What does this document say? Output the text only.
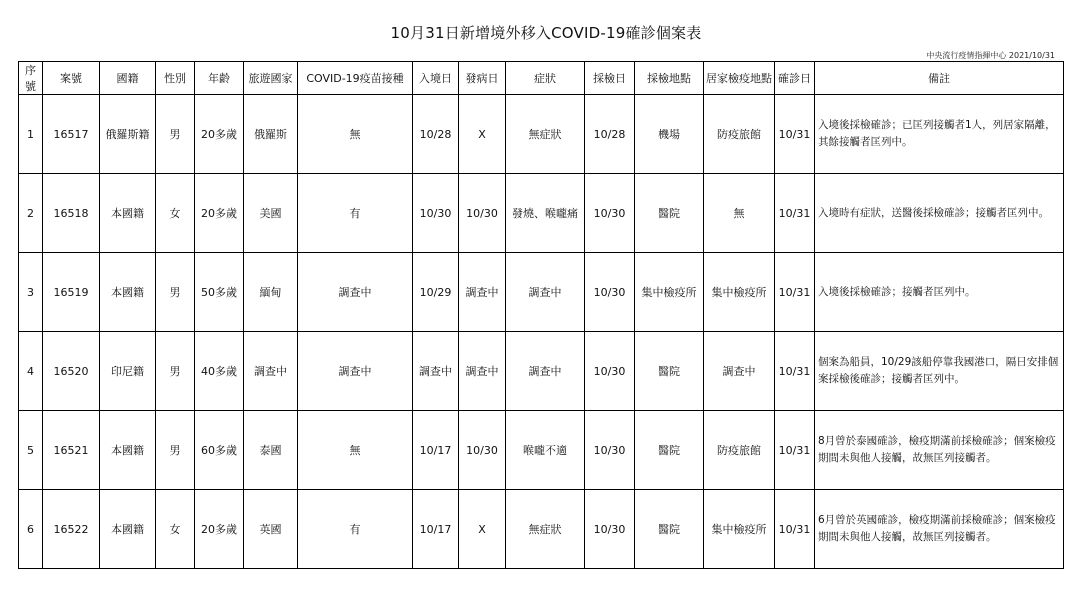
10月31日新增境外移入COVID-19確診個案表
中央流行疫情指揮中心 2021/10/31
序號	案號	國籍	性別	年齡	旅遊國家	COVID-19疫苗接種	入境日	發病日	症狀	採檢日	採檢地點	居家檢疫地點	確診日	備註
1	16517	俄羅斯籍	男	20多歲	俄羅斯	無	10/28	X	無症狀	10/28	機場	防疫旅館	10/31	入境後採檢確診；已匡列接觸者1人，列居家隔離，其餘接觸者匡列中。
2	16518	本國籍	女	20多歲	美國	有	10/30	10/30	發燒、喉嚨痛	10/30	醫院	無	10/31	入境時有症狀，送醫後採檢確診；接觸者匡列中。
3	16519	本國籍	男	50多歲	緬甸	調查中	10/29	調查中	調查中	10/30	集中檢疫所	集中檢疫所	10/31	入境後採檢確診；接觸者匡列中。
4	16520	印尼籍	男	40多歲	調查中	調查中	調查中	調查中	調查中	10/30	醫院	調查中	10/31	個案為船員，10/29該船停靠我國港口，隔日安排個案採檢後確診；接觸者匡列中。
5	16521	本國籍	男	60多歲	泰國	無	10/17	10/30	喉嚨不適	10/30	醫院	防疫旅館	10/31	8月曾於泰國確診，檢疫期滿前採檢確診；個案檢疫期間未與他人接觸，故無匡列接觸者。
6	16522	本國籍	女	20多歲	英國	有	10/17	X	無症狀	10/30	醫院	集中檢疫所	10/31	6月曾於英國確診，檢疫期滿前採檢確診；個案檢疫期間未與他人接觸，故無匡列接觸者。
